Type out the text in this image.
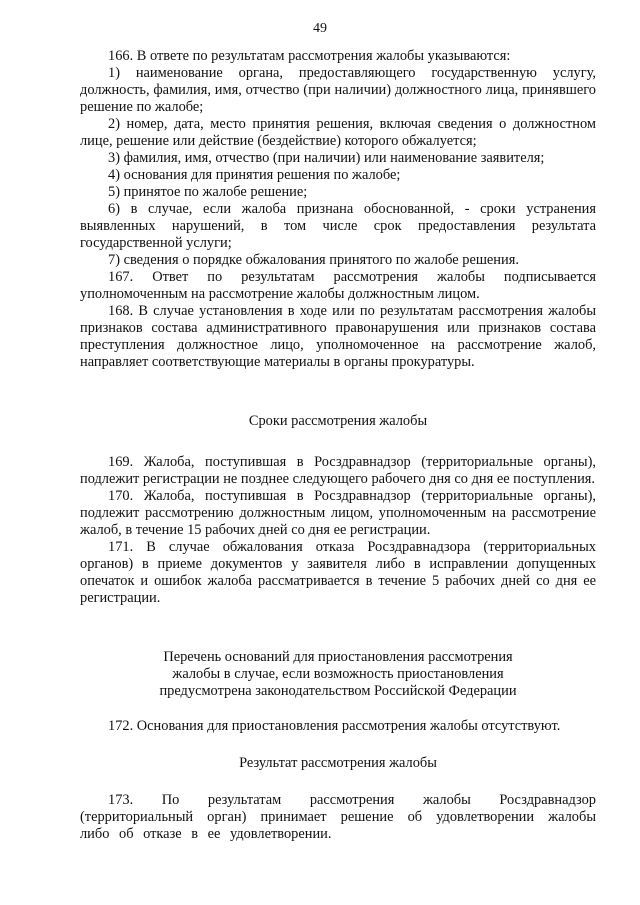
49

166. В ответе по результатам рассмотрения жалобы указываются:

1) наименование органа, предоставляющего государственную услугу, должность, фамилия, имя, отчество (при наличии) должностного лица, принявшего решение по жалобе;

2) номер, дата, место принятия решения, включая сведения о должностном лице, решение или действие (бездействие) которого обжалуется;

3) фамилия, имя, отчество (при наличии) или наименование заявителя;

4) основания для принятия решения по жалобе;

5) принятое по жалобе решение;

6) в случае, если жалоба признана обоснованной, - сроки устранения выявленных нарушений, в том числе срок предоставления результата государственной услуги;

7) сведения о порядке обжалования принятого по жалобе решения.

167. Ответ по результатам рассмотрения жалобы подписывается уполномоченным на рассмотрение жалобы должностным лицом.

168. В случае установления в ходе или по результатам рассмотрения жалобы признаков состава административного правонарушения или признаков состава преступления должностное лицо, уполномоченное на рассмотрение жалоб, направляет соответствующие материалы в органы прокуратуры.

Сроки рассмотрения жалобы

169. Жалоба, поступившая в Росздравнадзор (территориальные органы), подлежит регистрации не позднее следующего рабочего дня со дня ее поступления.

170. Жалоба, поступившая в Росздравнадзор (территориальные органы), подлежит рассмотрению должностным лицом, уполномоченным на рассмотрение жалоб, в течение 15 рабочих дней со дня ее регистрации.

171. В случае обжалования отказа Росздравнадзора (территориальных органов) в приеме документов у заявителя либо в исправлении допущенных опечаток и ошибок жалоба рассматривается в течение 5 рабочих дней со дня ее регистрации.

Перечень оснований для приостановления рассмотрения
жалобы в случае, если возможность приостановления
предусмотрена законодательством Российской Федерации

172. Основания для приостановления рассмотрения жалобы отсутствуют.

Результат рассмотрения жалобы

173. По результатам рассмотрения жалобы Росздравнадзор (территориальный орган) принимает решение об удовлетворении жалобы либо об отказе в ее удовлетворении.
